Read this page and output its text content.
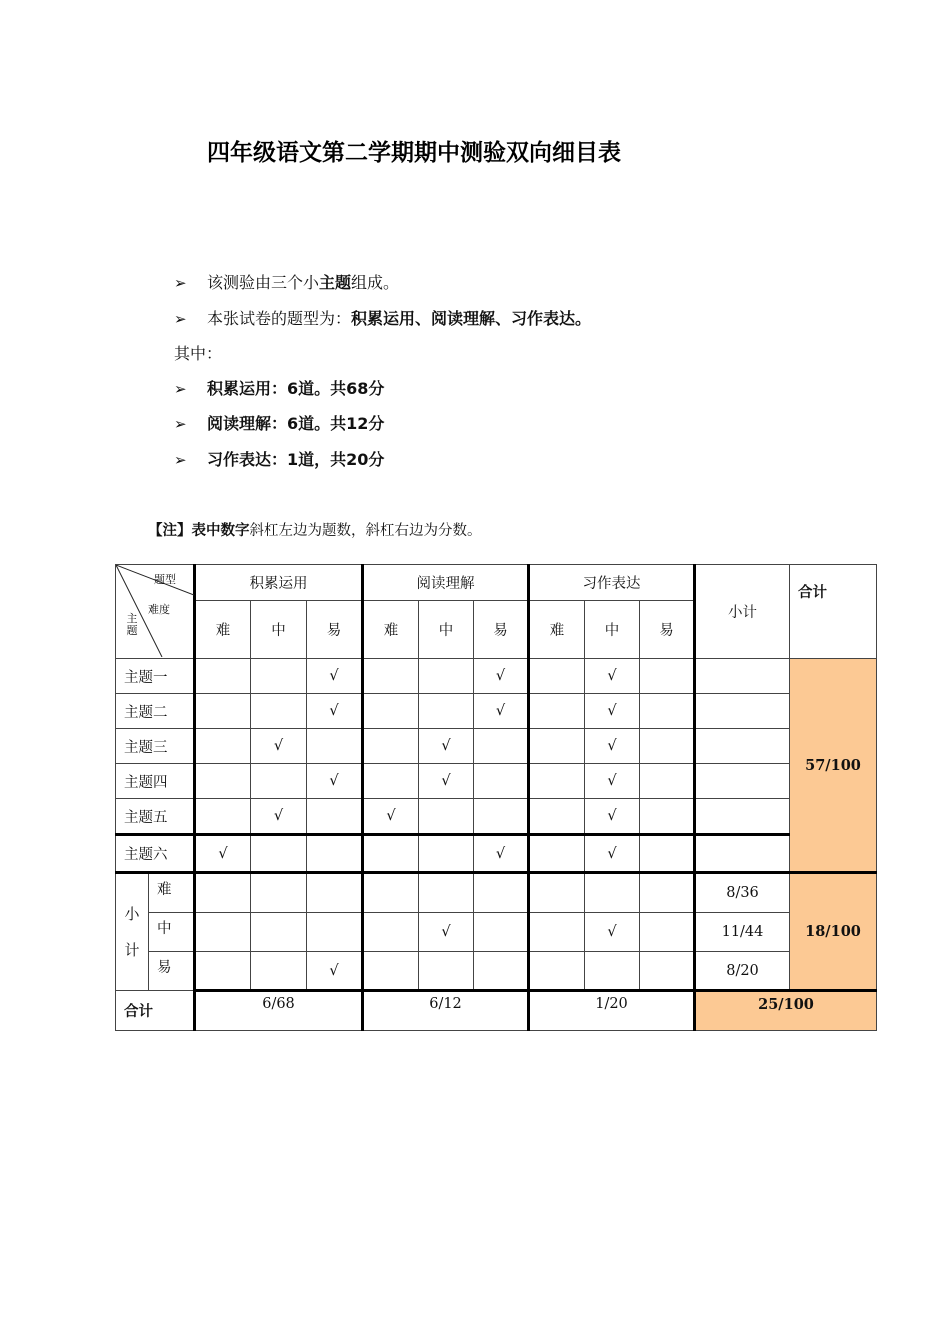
四年级语文第二学期期中测验双向细目表
➢ 该测验由三个小主题组成。
➢ 本张试卷的题型为：积累运用、阅读理解、习作表达。
其中：
➢ 积累运用：6道。共68分
➢ 阅读理解：6道。共12分
➢ 习作表达：1道，共20分
【注】表中数字斜杠左边为题数，斜杠右边为分数。
题型
难度
主题		积累运用			阅读理解			习作表达			小计	合计
		难	中	易	难	中	易	难	中	易		
主题一				√			√		√			57/100
主题二				√			√		√			
主题三			√			√			√			
主题四				√		√			√			
主题五			√		√				√			
主题六		√					√		√			

小
计	难										8/36	18/100
	中					√			√		11/44	
	易			√							8/20	
合计		6/68			6/12			1/20			25/100	
